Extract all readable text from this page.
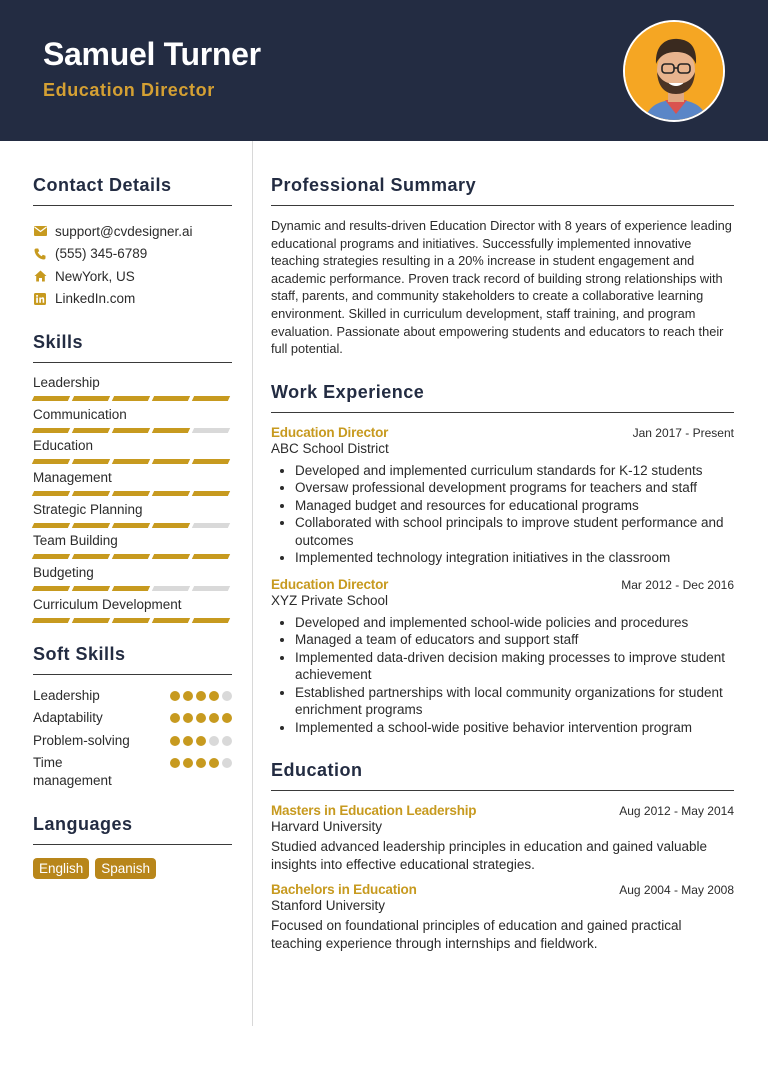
Samuel Turner
Education Director
Contact Details
support@cvdesigner.ai
(555) 345-6789
NewYork, US
LinkedIn.com
Skills
Leadership
Communication
Education
Management
Strategic Planning
Team Building
Budgeting
Curriculum Development
Soft Skills
Leadership
Adaptability
Problem-solving
Time management
Languages
English	Spanish
Professional Summary

Dynamic and results-driven Education Director with 8 years of experience leading educational programs and initiatives. Successfully implemented innovative teaching strategies resulting in a 20% increase in student engagement and academic performance. Proven track record of building strong relationships with staff, parents, and community stakeholders to create a collaborative learning environment. Skilled in curriculum development, staff training, and program evaluation. Passionate about empowering students and educators to reach their full potential.

Work Experience
Education Director	Jan 2017 - Present
ABC School District
• Developed and implemented curriculum standards for K-12 students
• Oversaw professional development programs for teachers and staff
• Managed budget and resources for educational programs
• Collaborated with school principals to improve student performance and outcomes
• Implemented technology integration initiatives in the classroom
Education Director	Mar 2012 - Dec 2016
XYZ Private School
• Developed and implemented school-wide policies and procedures
• Managed a team of educators and support staff
• Implemented data-driven decision making processes to improve student achievement
• Established partnerships with local community organizations for student enrichment programs
• Implemented a school-wide positive behavior intervention program
Education
Masters in Education Leadership	Aug 2012 - May 2014
Harvard University
Studied advanced leadership principles in education and gained valuable insights into effective educational strategies.
Bachelors in Education	Aug 2004 - May 2008
Stanford University
Focused on foundational principles of education and gained practical teaching experience through internships and fieldwork.
